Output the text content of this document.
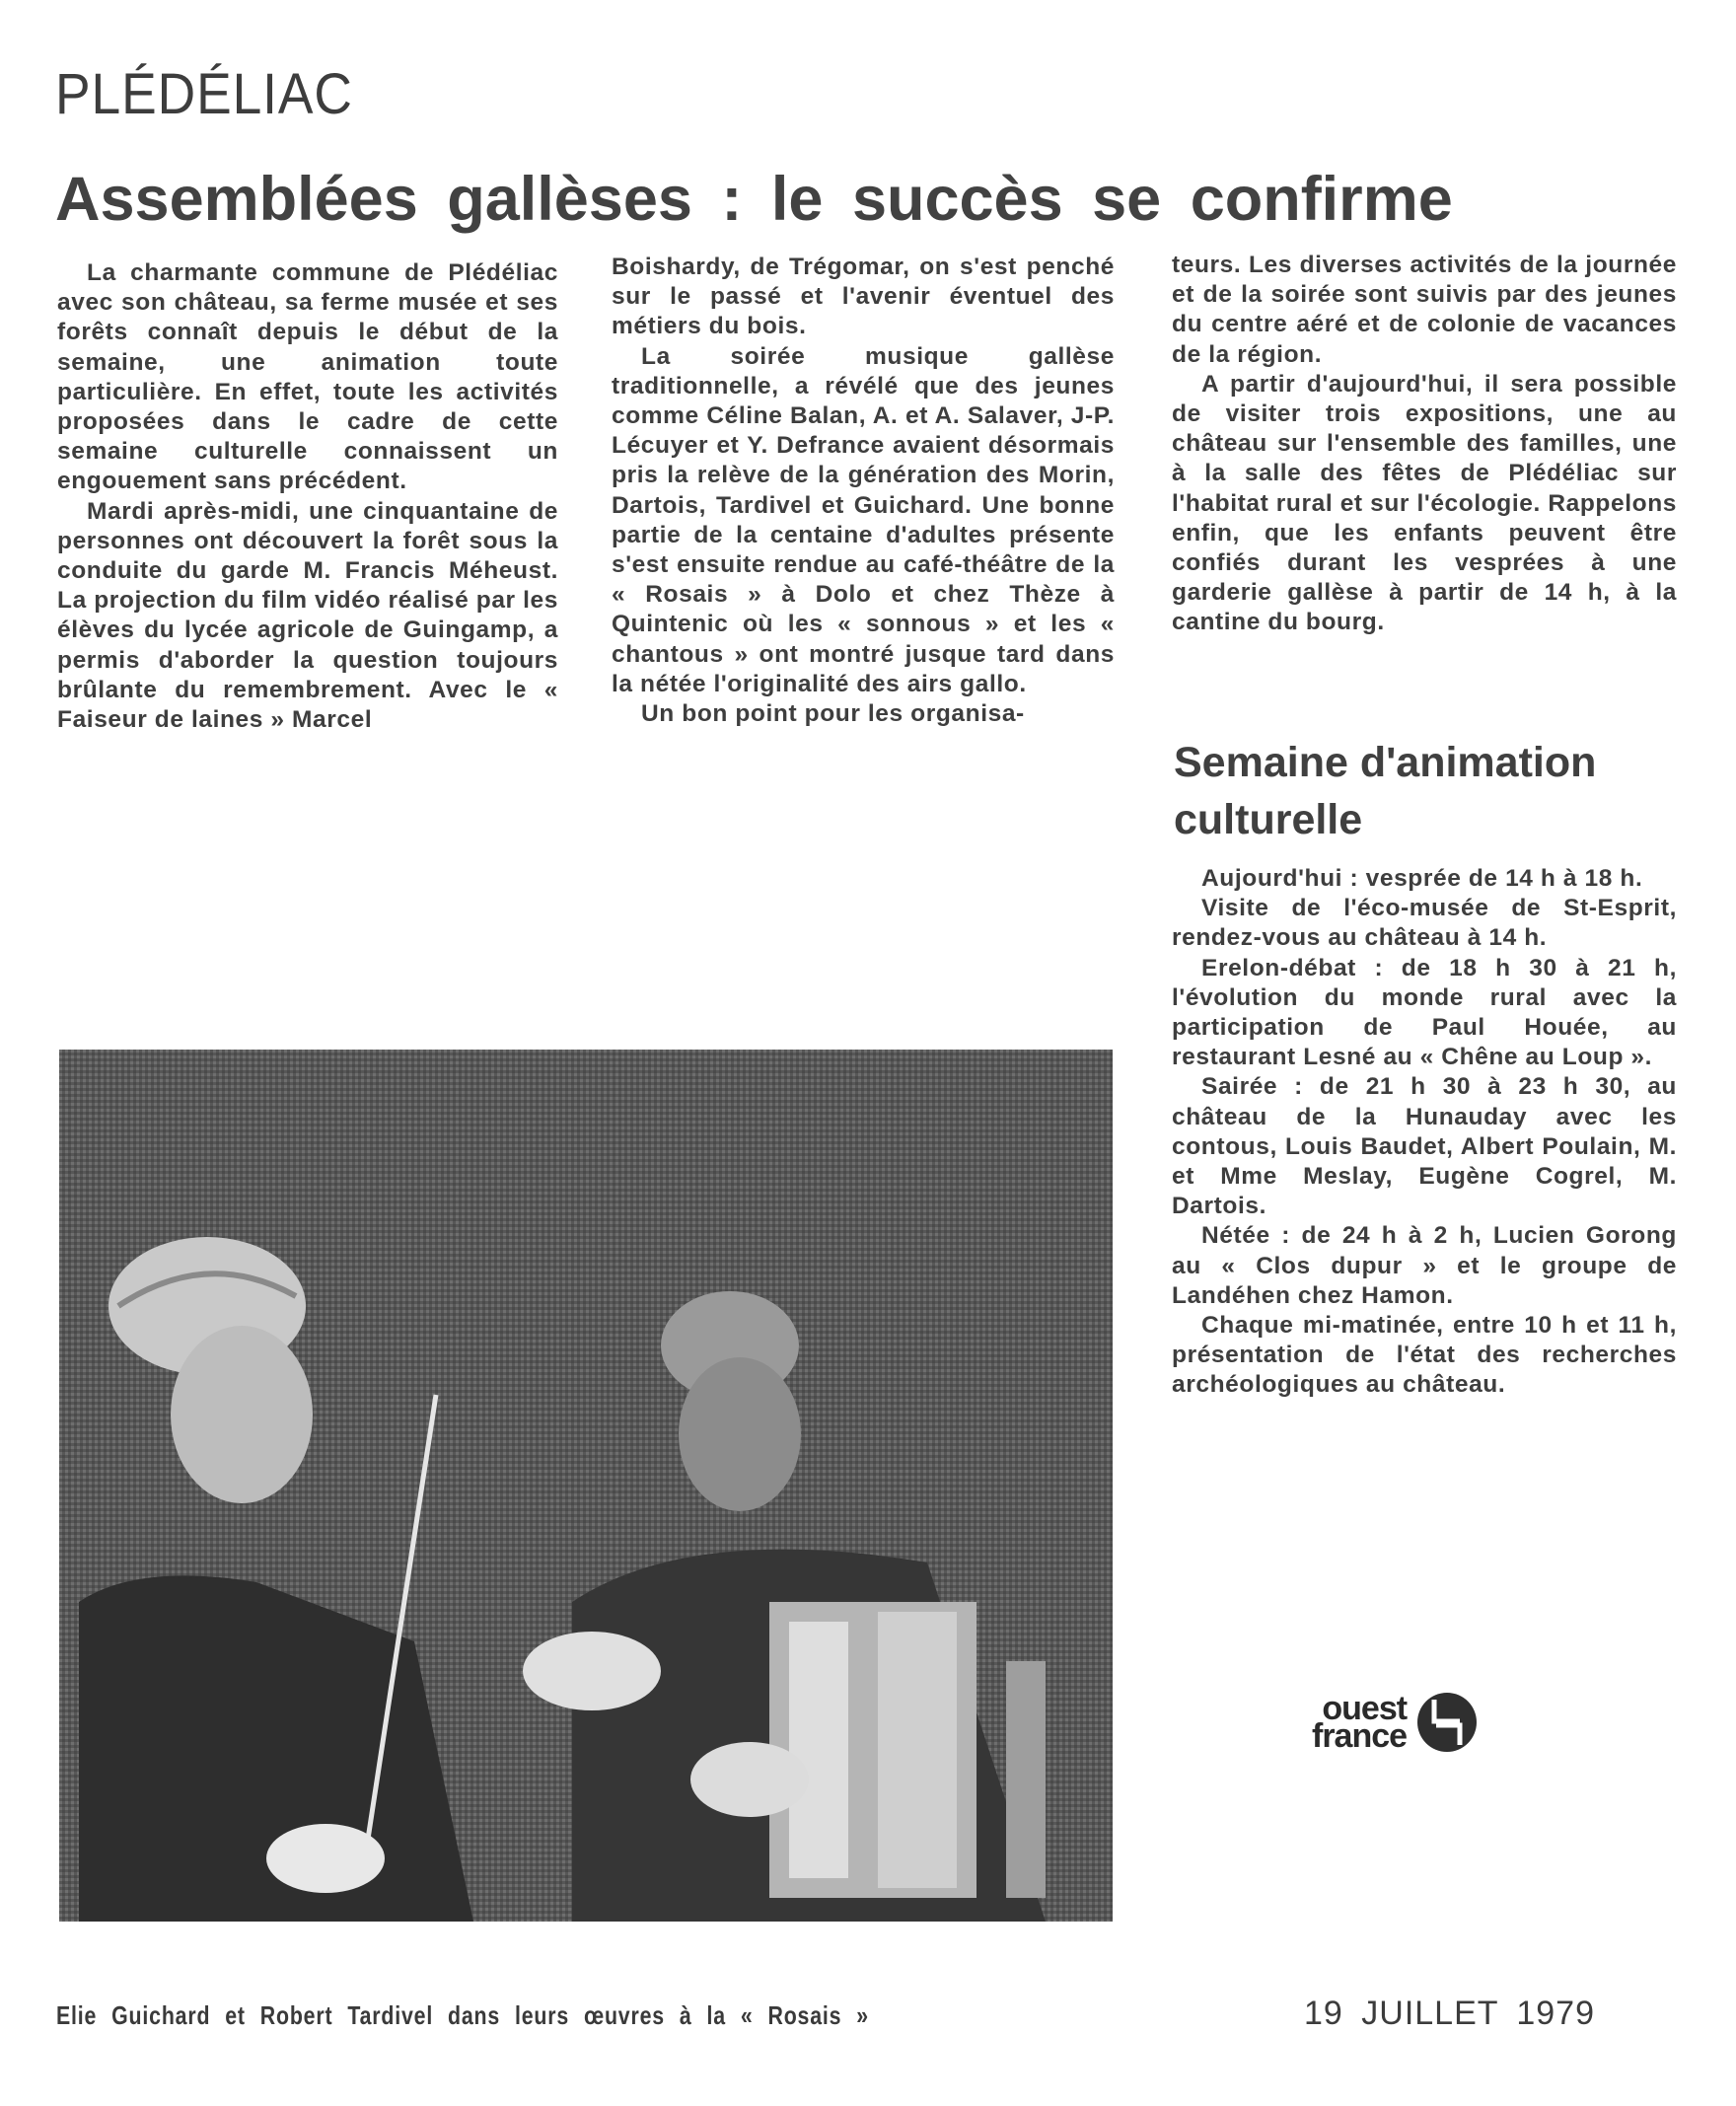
PLÉDÉLIAC
Assemblées gallèses : le succès se confirme

La charmante commune de Plédéliac avec son château, sa ferme musée et ses forêts connaît depuis le début de la semaine, une animation toute particulière. En effet, toute les activités proposées dans le cadre de cette semaine culturelle connaissent un engouement sans précédent.

Mardi après-midi, une cinquantaine de personnes ont découvert la forêt sous la conduite du garde M. Francis Méheust. La projection du film vidéo réalisé par les élèves du lycée agricole de Guingamp, a permis d'aborder la question toujours brûlante du remembrement. Avec le « Faiseur de laines » Marcel

Boishardy, de Trégomar, on s'est penché sur le passé et l'avenir éventuel des métiers du bois.

La soirée musique gallèse traditionnelle, a révélé que des jeunes comme Céline Balan, A. et A. Salaver, J-P. Lécuyer et Y. Defrance avaient désormais pris la relève de la génération des Morin, Dartois, Tardivel et Guichard. Une bonne partie de la centaine d'adultes présente s'est ensuite rendue au café-théâtre de la « Rosais » à Dolo et chez Thèze à Quintenic où les « sonnous » et les « chantous » ont montré jusque tard dans la nétée l'originalité des airs gallo.

Un bon point pour les organisa-

teurs. Les diverses activités de la journée et de la soirée sont suivis par des jeunes du centre aéré et de colonie de vacances de la région.

A partir d'aujourd'hui, il sera possible de visiter trois expositions, une au château sur l'ensemble des familles, une à la salle des fêtes de Plédéliac sur l'habitat rural et sur l'écologie. Rappelons enfin, que les enfants peuvent être confiés durant les vesprées à une garderie gallèse à partir de 14 h, à la cantine du bourg.

Semaine d'animation culturelle

Aujourd'hui : vesprée de 14 h à 18 h.

Visite de l'éco-musée de St-Esprit, rendez-vous au château à 14 h.

Erelon-débat : de 18 h 30 à 21 h, l'évolution du monde rural avec la participation de Paul Houée, au restaurant Lesné au « Chêne au Loup ».

Sairée : de 21 h 30 à 23 h 30, au château de la Hunauday avec les contous, Louis Baudet, Albert Poulain, M. et Mme Meslay, Eugène Cogrel, M. Dartois.

Nétée : de 24 h à 2 h, Lucien Gorong au « Clos dupur » et le groupe de Landéhen chez Hamon.

Chaque mi-matinée, entre 10 h et 11 h, présentation de l'état des recherches archéologiques au château.

ouest
france
Elie Guichard et Robert Tardivel dans leurs œuvres à la « Rosais »	19 JUILLET 1979
